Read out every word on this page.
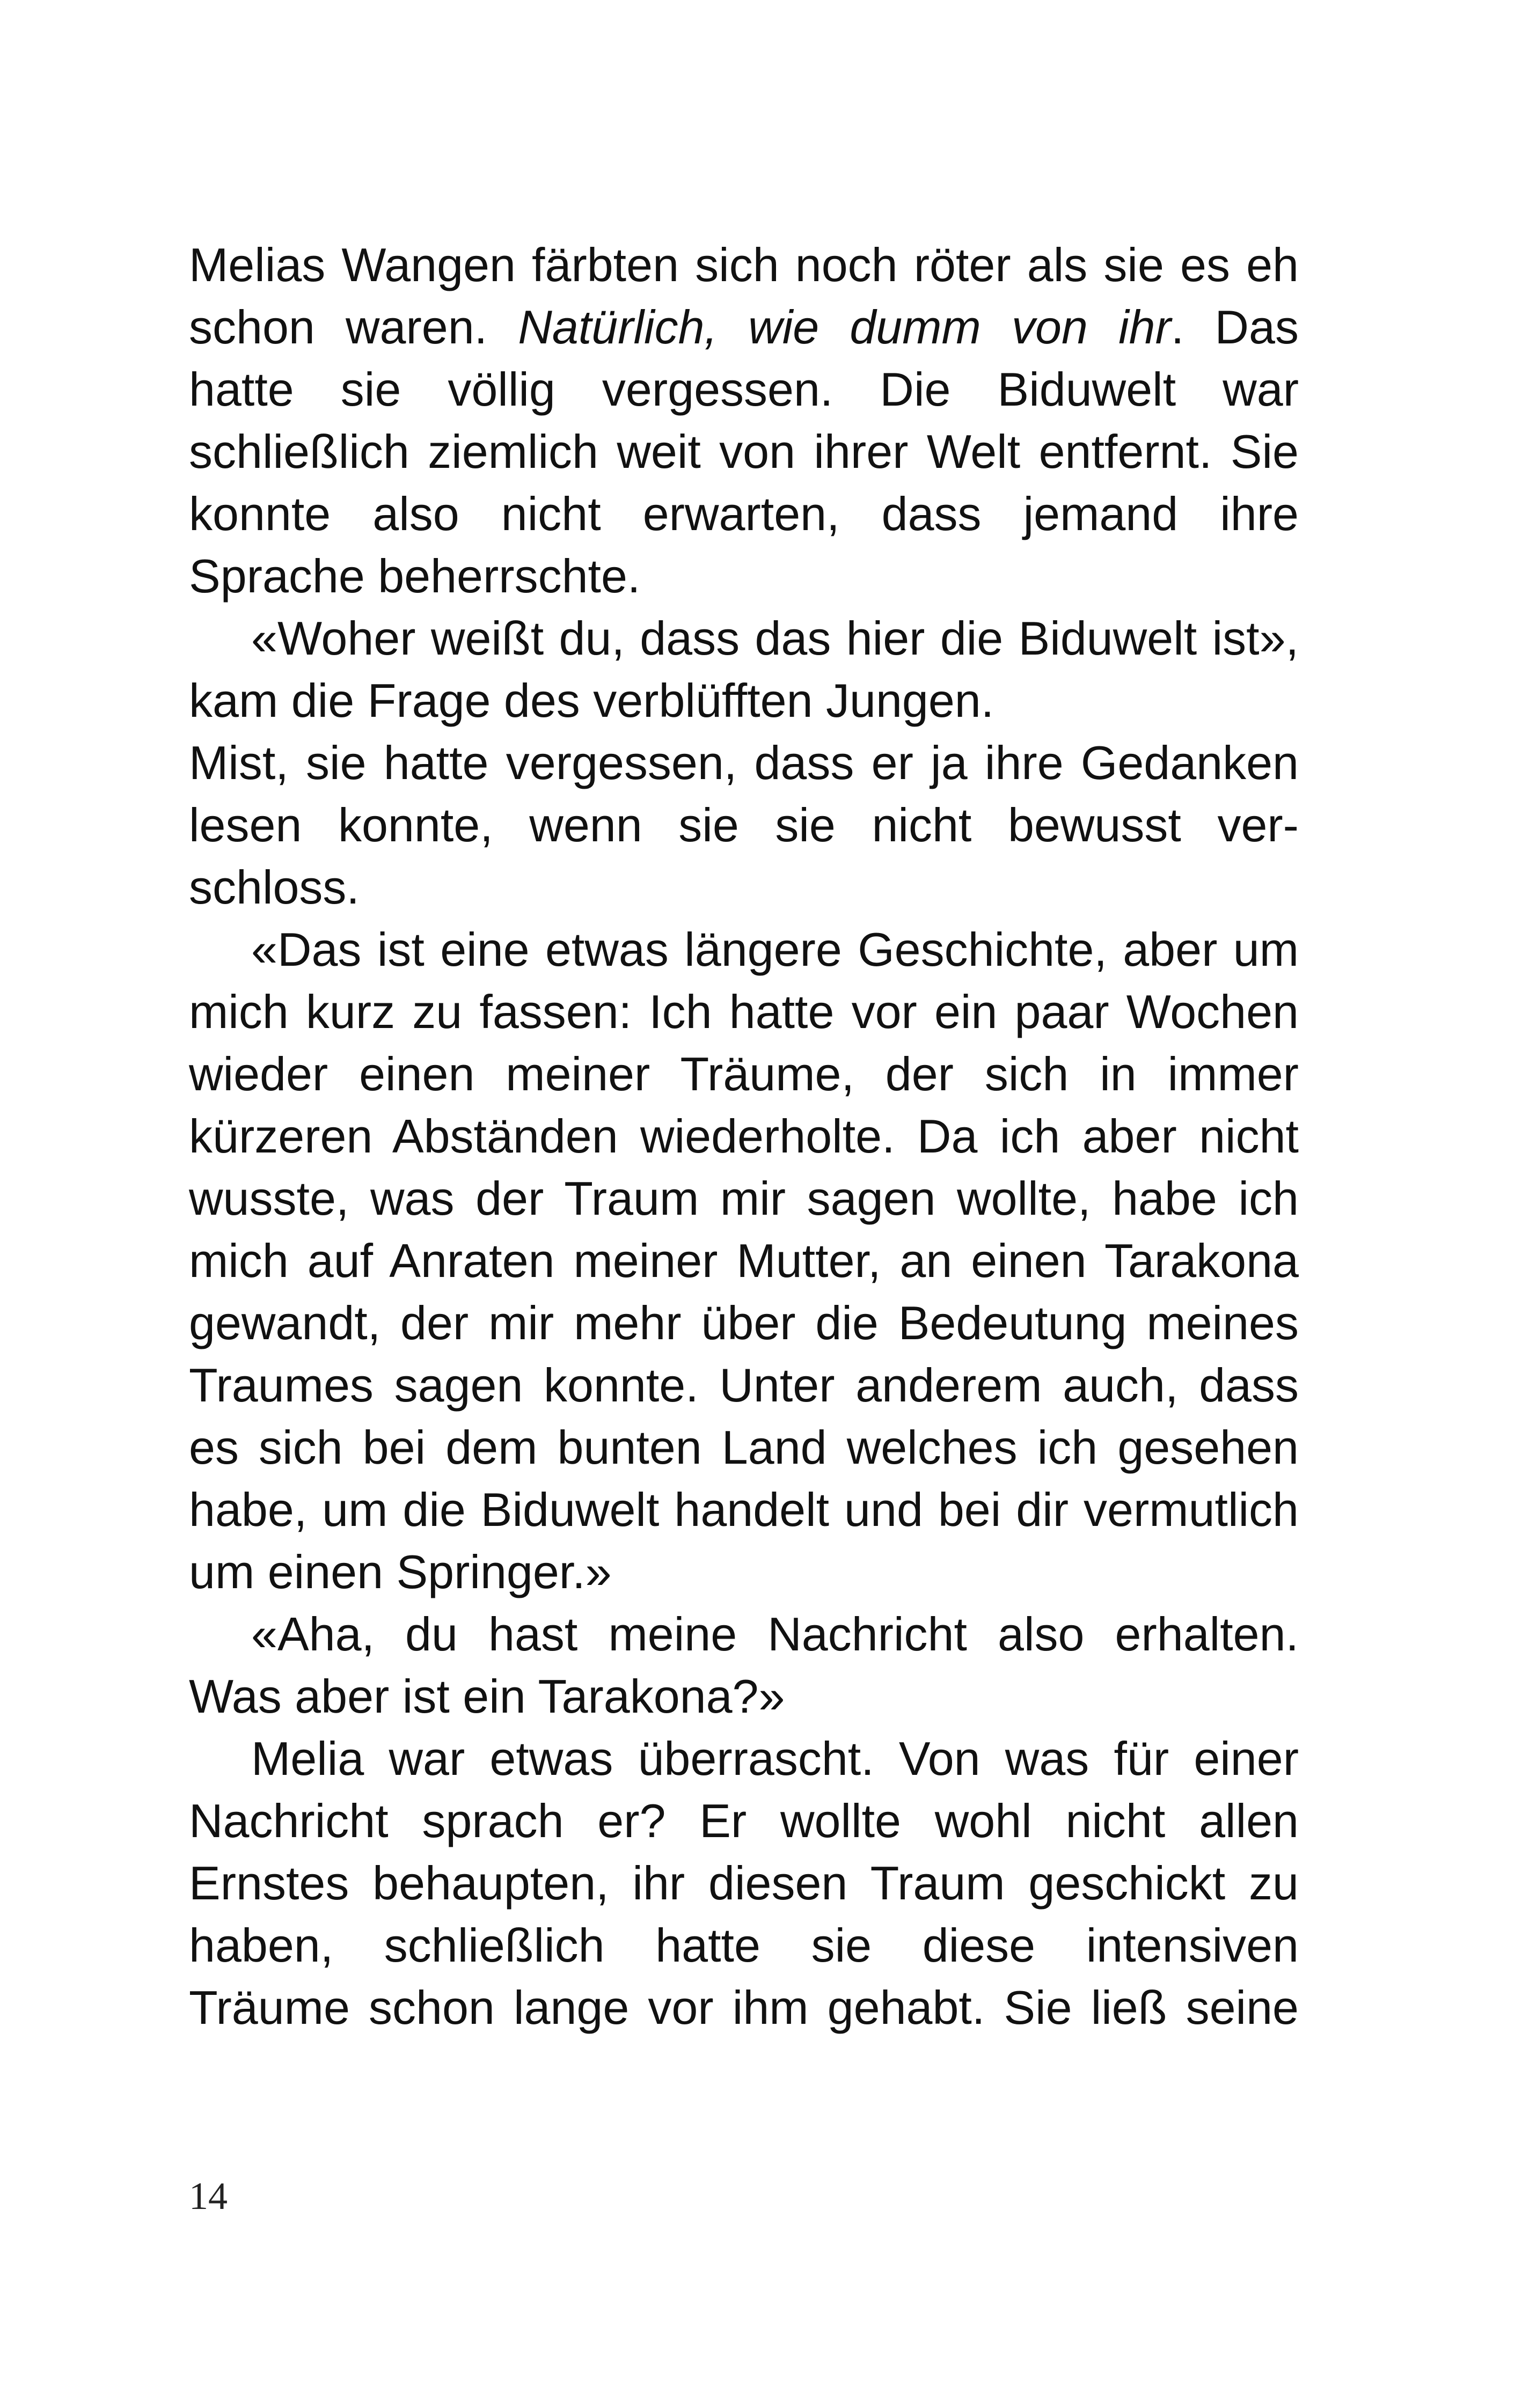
Melias Wangen färbten sich noch röter als sie es eh
schon waren. Natürlich, wie dumm von ihr. Das
hatte sie völlig vergessen. Die Biduwelt war
schließlich ziemlich weit von ihrer Welt entfernt. Sie
konnte also nicht erwarten, dass jemand ihre
Sprache beherrschte.
«Woher weißt du, dass das hier die Biduwelt ist»,
kam die Frage des verblüfften Jungen.
Mist, sie hatte vergessen, dass er ja ihre Gedanken
lesen konnte, wenn sie sie nicht bewusst ver-
schloss.
«Das ist eine etwas längere Geschichte, aber um
mich kurz zu fassen: Ich hatte vor ein paar Wochen
wieder einen meiner Träume, der sich in immer
kürzeren Abständen wiederholte. Da ich aber nicht
wusste, was der Traum mir sagen wollte, habe ich
mich auf Anraten meiner Mutter, an einen Tarakona
gewandt, der mir mehr über die Bedeutung meines
Traumes sagen konnte. Unter anderem auch, dass
es sich bei dem bunten Land welches ich gesehen
habe, um die Biduwelt handelt und bei dir vermutlich
um einen Springer.»
«Aha, du hast meine Nachricht also erhalten.
Was aber ist ein Tarakona?»
Melia war etwas überrascht. Von was für einer
Nachricht sprach er? Er wollte wohl nicht allen
Ernstes behaupten, ihr diesen Traum geschickt zu
haben, schließlich hatte sie diese intensiven
Träume schon lange vor ihm gehabt. Sie ließ seine
14
